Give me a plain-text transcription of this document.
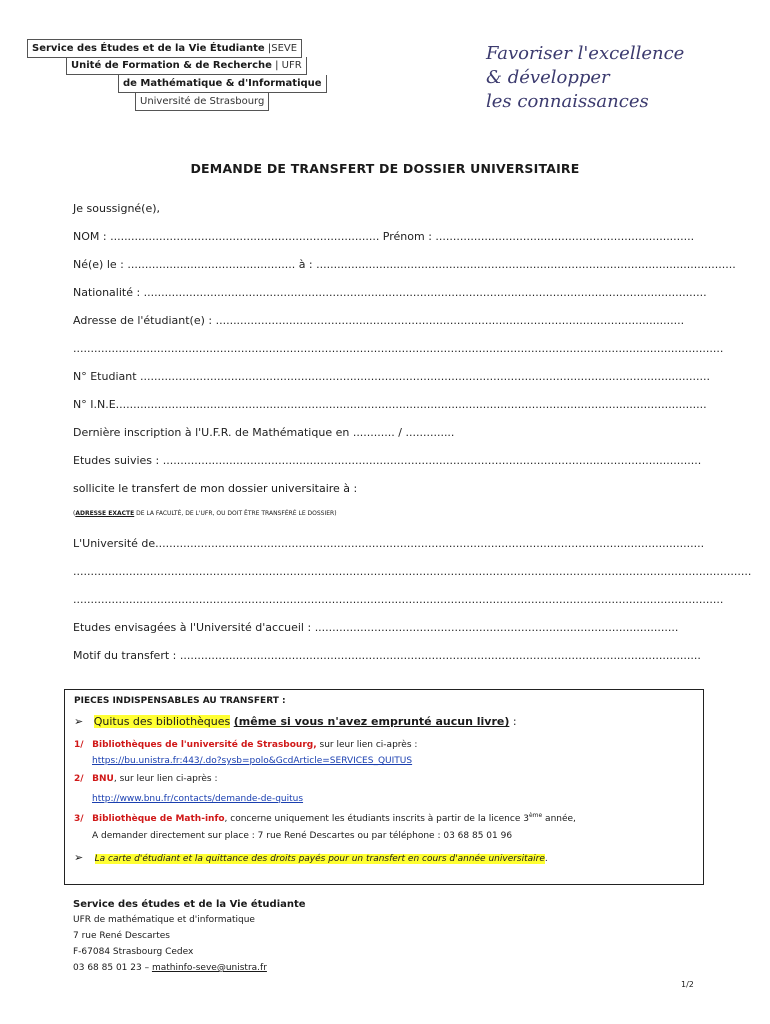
Service des Études et de la Vie Étudiante |SEVE
Unité de Formation & de Recherche | UFR
de Mathématique & d'Informatique
Université de Strasbourg
Favoriser l'excellence
& développer
les connaissances
DEMANDE DE TRANSFERT DE DOSSIER UNIVERSITAIRE
Je soussigné(e),
NOM : ............................................................................. Prénom : ..........................................................................
Né(e) le : ................................................ à : ........................................................................................................................
Nationalité : .................................................................................................................................................................
Adresse de l'étudiant(e) : ......................................................................................................................................
..........................................................................................................................................................................................
N° Etudiant ...................................................................................................................................................................
N° I.N.E.........................................................................................................................................................................
Dernière inscription à l'U.F.R. de Mathématique en ............ / ..............
Etudes suivies : ..........................................................................................................................................................
sollicite le transfert de mon dossier universitaire à :
(ADRESSE EXACTE DE LA FACULTÉ, DE L'UFR, OU DOIT ÊTRE TRANSFÉRÉ LE DOSSIER)
L'Université de.............................................................................................................................................................
..................................................................................................................................................................................................
..........................................................................................................................................................................................
Etudes envisagées à l'Université d'accueil : ........................................................................................................
Motif du transfert : .....................................................................................................................................................
PIECES INDISPENSABLES AU TRANSFERT :
➢ Quitus des bibliothèques (même si vous n'avez emprunté aucun livre) :
1/ Bibliothèques de l'université de Strasbourg, sur leur lien ci-après :
https://bu.unistra.fr:443/.do?sysb=polo&GcdArticle=SERVICES_QUITUS
2/ BNU, sur leur lien ci-après :
http://www.bnu.fr/contacts/demande-de-quitus
3/ Bibliothèque de Math-info, concerne uniquement les étudiants inscrits à partir de la licence 3ème année,
A demander directement sur place : 7 rue René Descartes ou par téléphone : 03 68 85 01 96
➢ La carte d'étudiant et la quittance des droits payés pour un transfert en cours d'année universitaire.
Service des études et de la Vie étudiante
UFR de mathématique et d'informatique
7 rue René Descartes
F-67084 Strasbourg Cedex
03 68 85 01 23 – mathinfo-seve@unistra.fr
1/2
